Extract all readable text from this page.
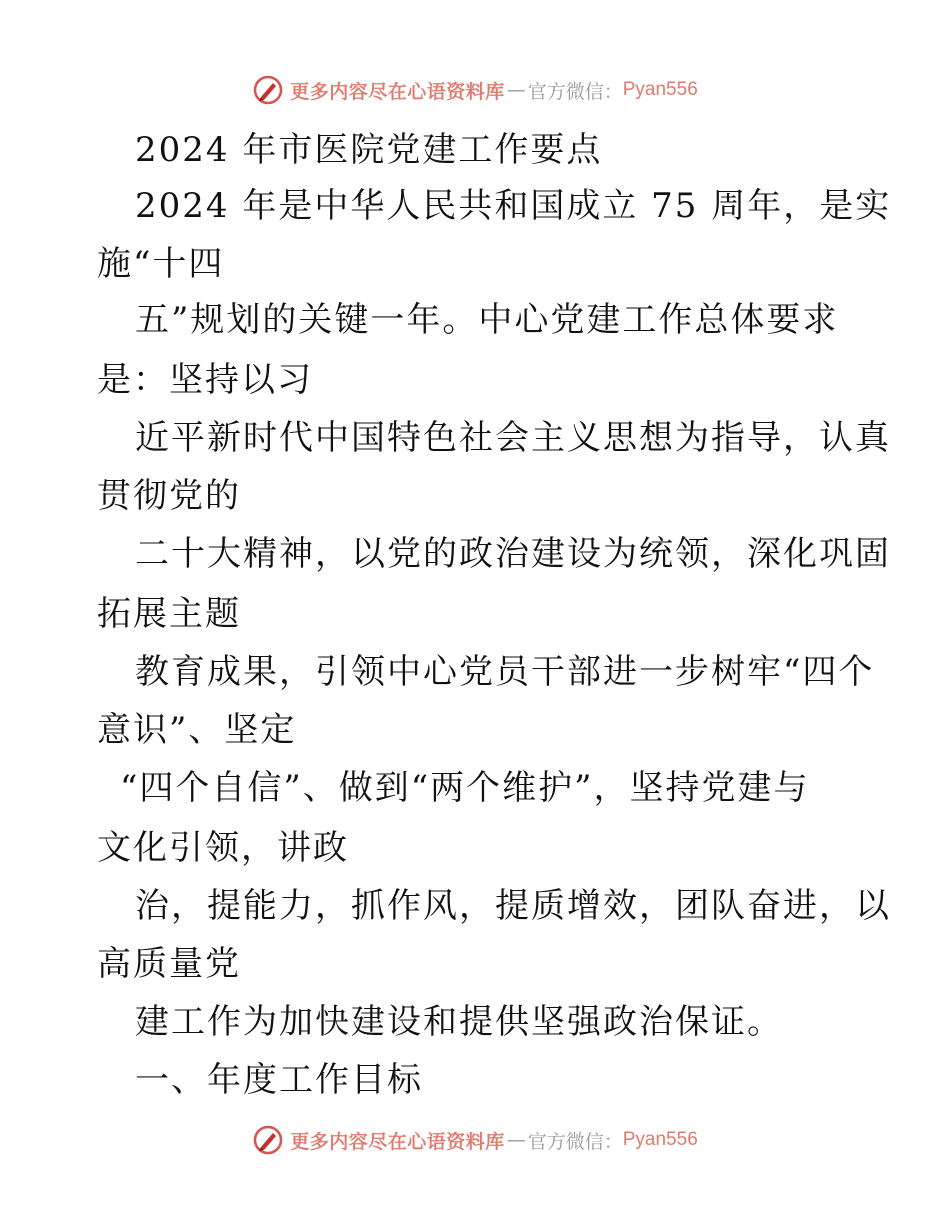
更多内容尽在心语资料库 — 官方微信： Pyan556
2024 年市医院党建工作要点
2024 年是中华人民共和国成立 75 周年，是实
施“十四
五”规划的关键一年。中心党建工作总体要求
是：坚持以习
近平新时代中国特色社会主义思想为指导，认真
贯彻党的
二十大精神，以党的政治建设为统领，深化巩固
拓展主题
教育成果，引领中心党员干部进一步树牢“四个
意识”、坚定
“四个自信”、做到“两个维护”，坚持党建与
文化引领，讲政
治，提能力，抓作风，提质增效，团队奋进，以
高质量党
建工作为加快建设和提供坚强政治保证。
一、年度工作目标
更多内容尽在心语资料库 — 官方微信： Pyan556
